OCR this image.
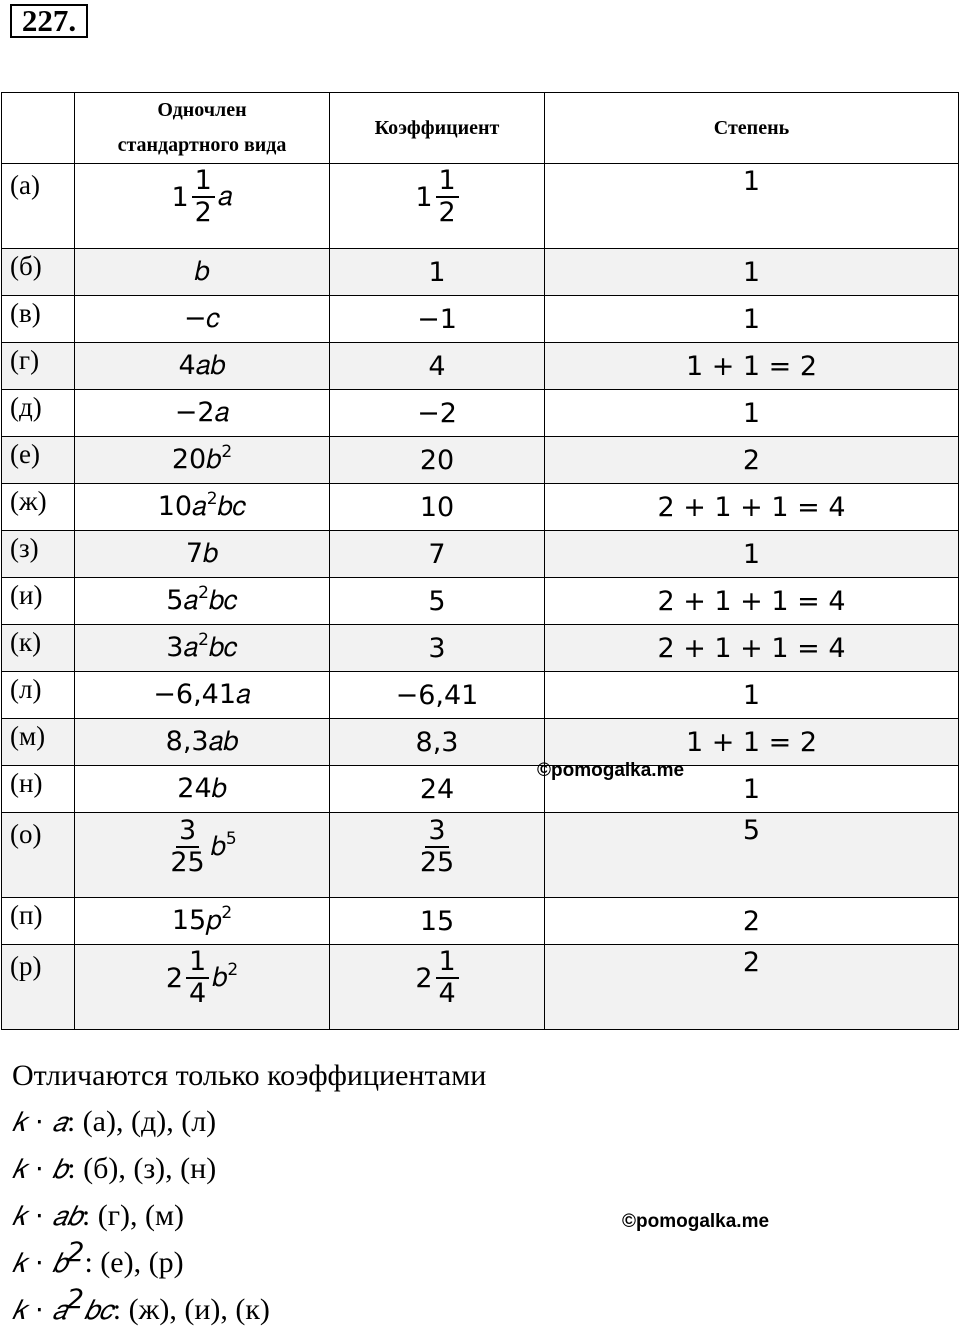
227.

	Одночлен
стандартного вида	Коэффициент	Степень
(а)	$1 \frac{1}{2}$ 𝑎	$1 \frac{1}{2}$	1
(б)	𝑏	1	1
(в)	−𝑐	−1	1
(г)	4𝑎𝑏	4	1 + 1 = 2
(д)	−2𝑎	−2	1
(е)	20𝑏$^2$	20	2
(ж)	10𝑎$^2$𝑏𝑐	10	2 + 1 + 1 = 4
(з)	7𝑏	7	1
(и)	5𝑎$^2$𝑏𝑐	5	2 + 1 + 1 = 4
(к)	3𝑎$^2$𝑏𝑐	3	2 + 1 + 1 = 4
(л)	−6,41𝑎	−6,41	1
(м)	8,3𝑎𝑏	8,3	1 + 1 = 2
(н)	24𝑏	24	1
(о)	$\frac{3}{25}$ 𝑏$^5$	$\frac{3}{25}$	5
(п)	15𝑝$^2$	15	2
(р)	$2 \frac{1}{4}$ 𝑏$^2$	$2 \frac{1}{4}$	2
©pomogalka.me
©pomogalka.me
Отличаются только коэффициентами
𝑘 ⋅ 𝑎: (а), (д), (л)
𝑘 ⋅ 𝑏: (б), (з), (н)
𝑘 ⋅ 𝑎𝑏: (г), (м)
𝑘 ⋅ 𝑏$^2$: (е), (р)
𝑘 ⋅ 𝑎$^2$𝑏𝑐: (ж), (и), (к)
